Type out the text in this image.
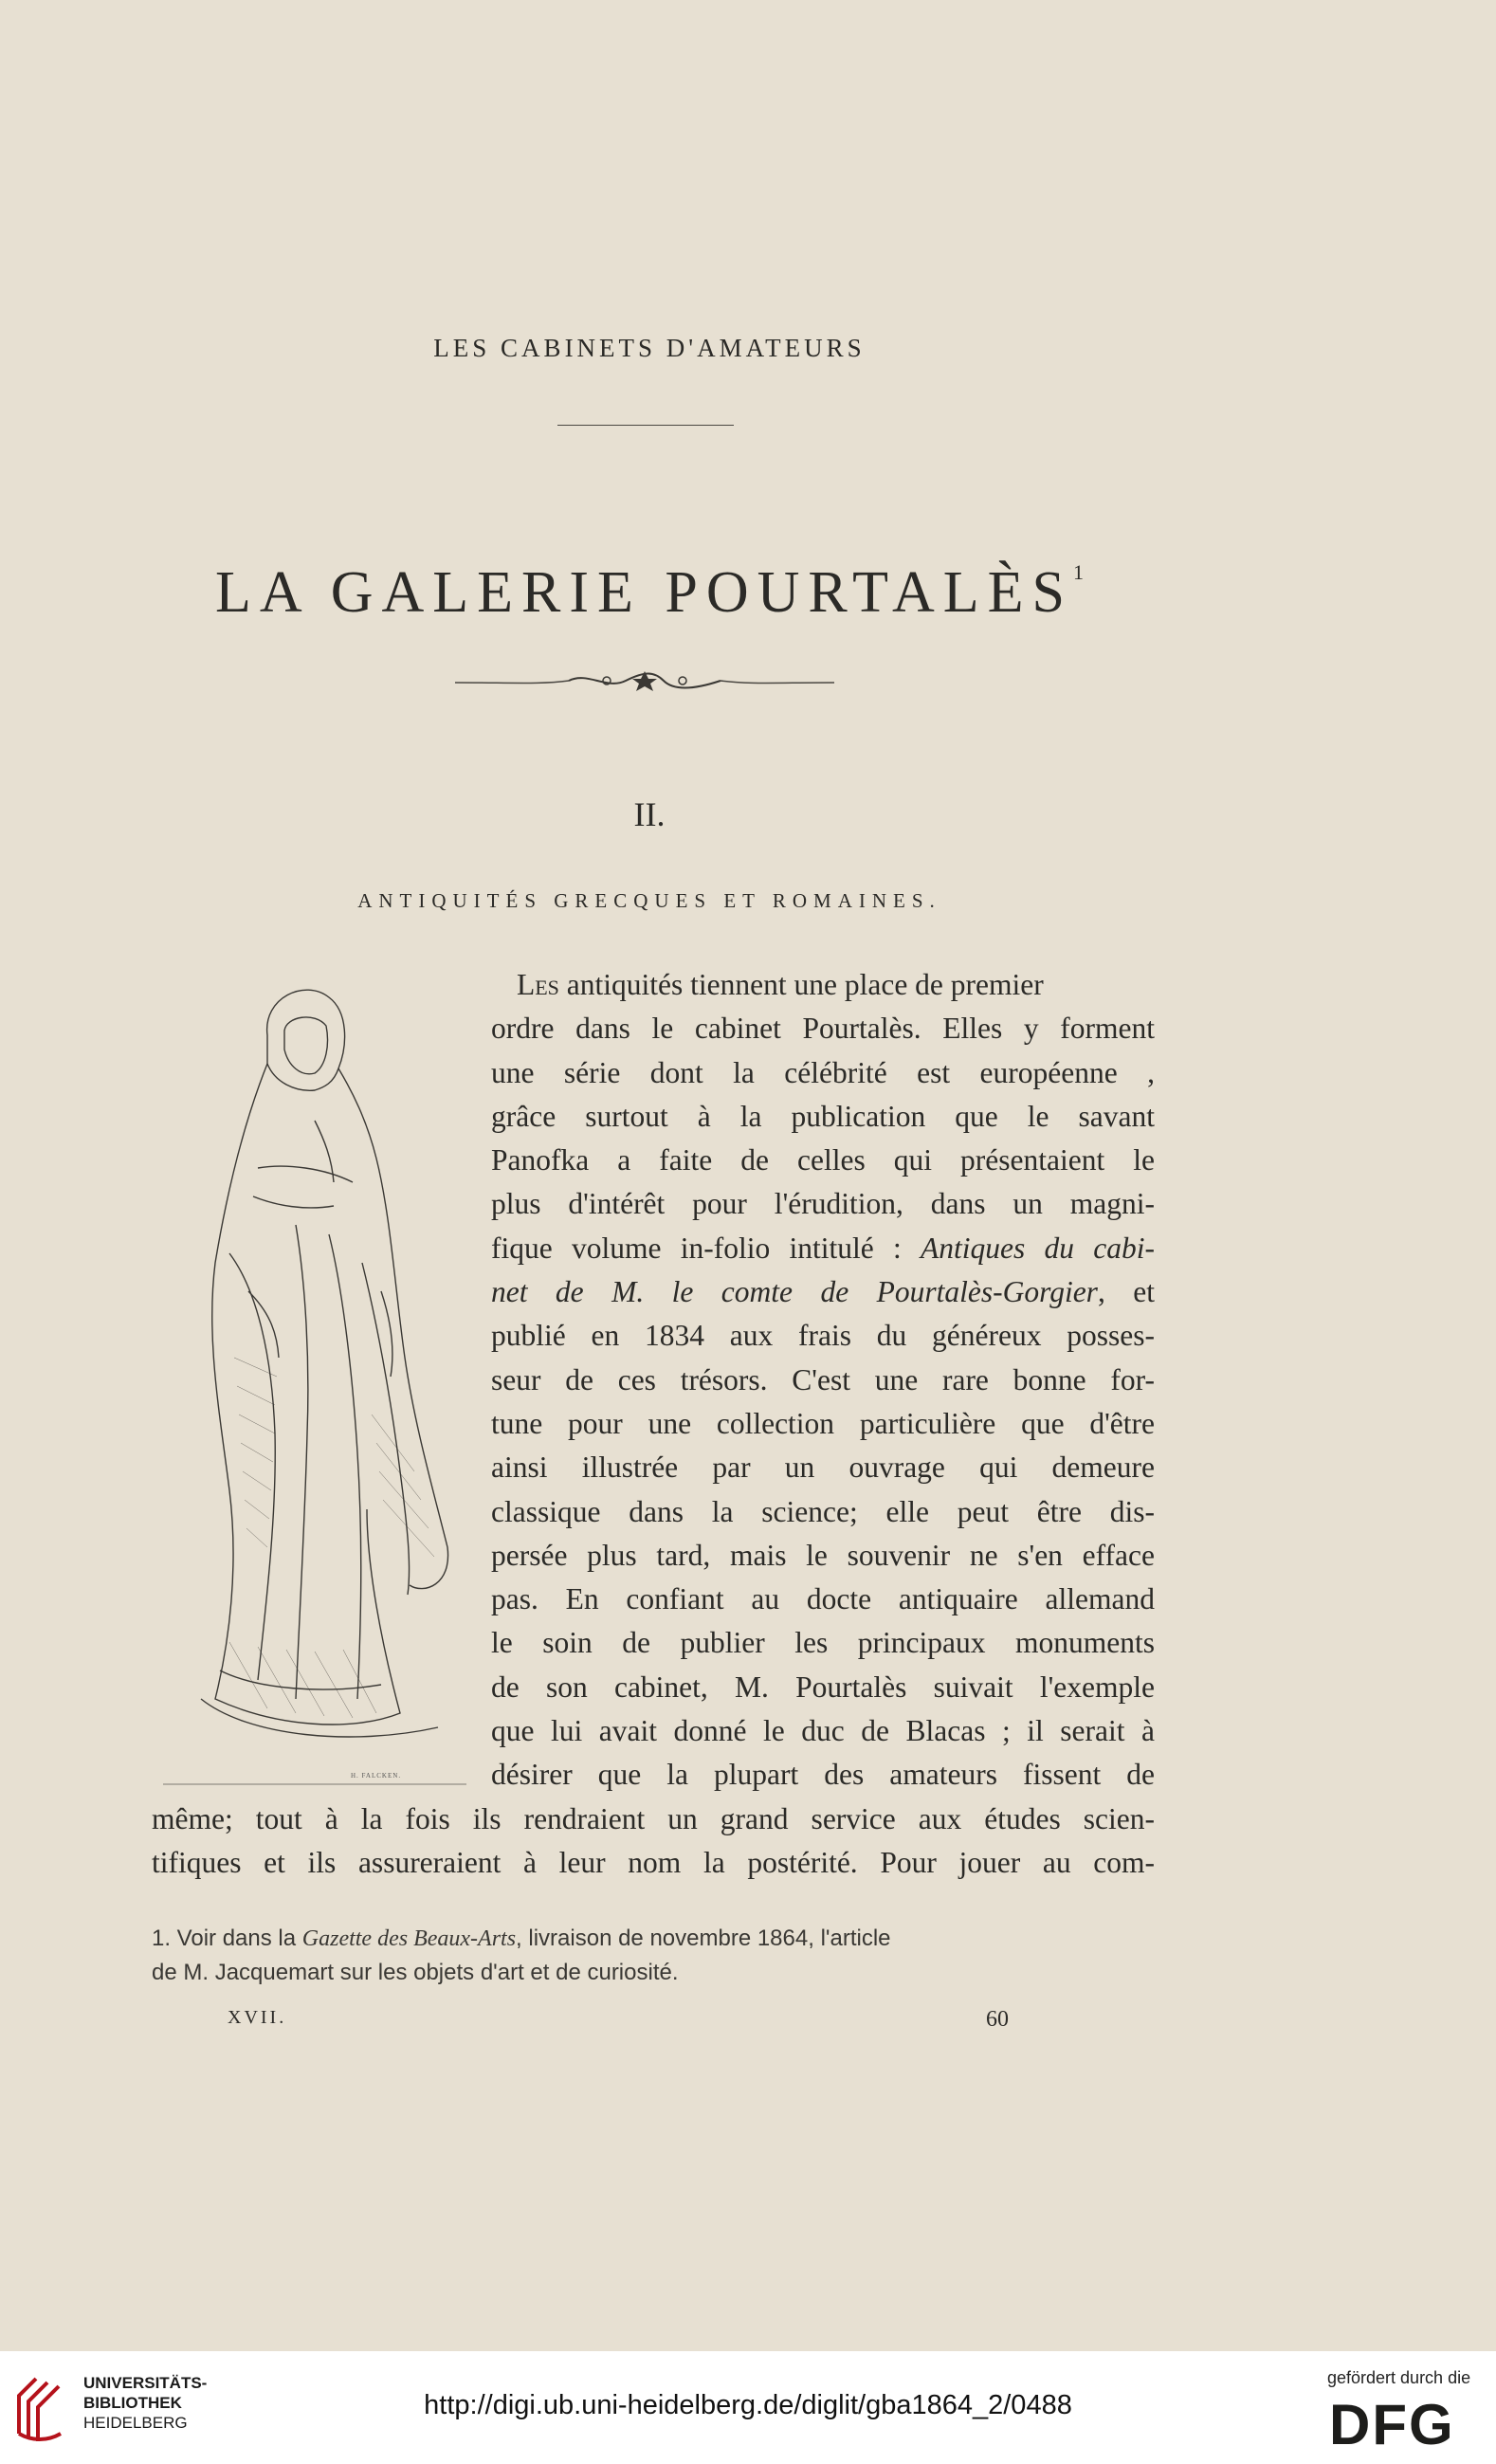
LES CABINETS D'AMATEURS
LA GALERIE POURTALÈS$^1$
II.
ANTIQUITÉS GRECQUES ET ROMAINES.
H. FALCKEN.
Les antiquités tiennent une place de premier
ordre dans le cabinet Pourtalès. Elles y forment
une série dont la célébrité est européenne ,
grâce surtout à la publication que le savant
Panofka a faite de celles qui présentaient le
plus d'intérêt pour l'érudition, dans un magni-
fique volume in-folio intitulé : Antiques du cabi-
net de M. le comte de Pourtalès-Gorgier, et
publié en 1834 aux frais du généreux posses-
seur de ces trésors. C'est une rare bonne for-
tune pour une collection particulière que d'être
ainsi illustrée par un ouvrage qui demeure
classique dans la science; elle peut être dis-
persée plus tard, mais le souvenir ne s'en efface
pas. En confiant au docte antiquaire allemand
le soin de publier les principaux monuments
de son cabinet, M. Pourtalès suivait l'exemple
que lui avait donné le duc de Blacas ; il serait à
désirer que la plupart des amateurs fissent de
même; tout à la fois ils rendraient un grand service aux études scien-
tifiques et ils assureraient à leur nom la postérité. Pour jouer au com-
1. Voir dans la Gazette des Beaux-Arts, livraison de novembre 1864, l'article
de M. Jacquemart sur les objets d'art et de curiosité.
XVII.	60
UNIVERSITÄTS-
BIBLIOTHEK
HEIDELBERG
http://digi.ub.uni-heidelberg.de/diglit/gba1864_2/0488
gefördert durch die
DFG
